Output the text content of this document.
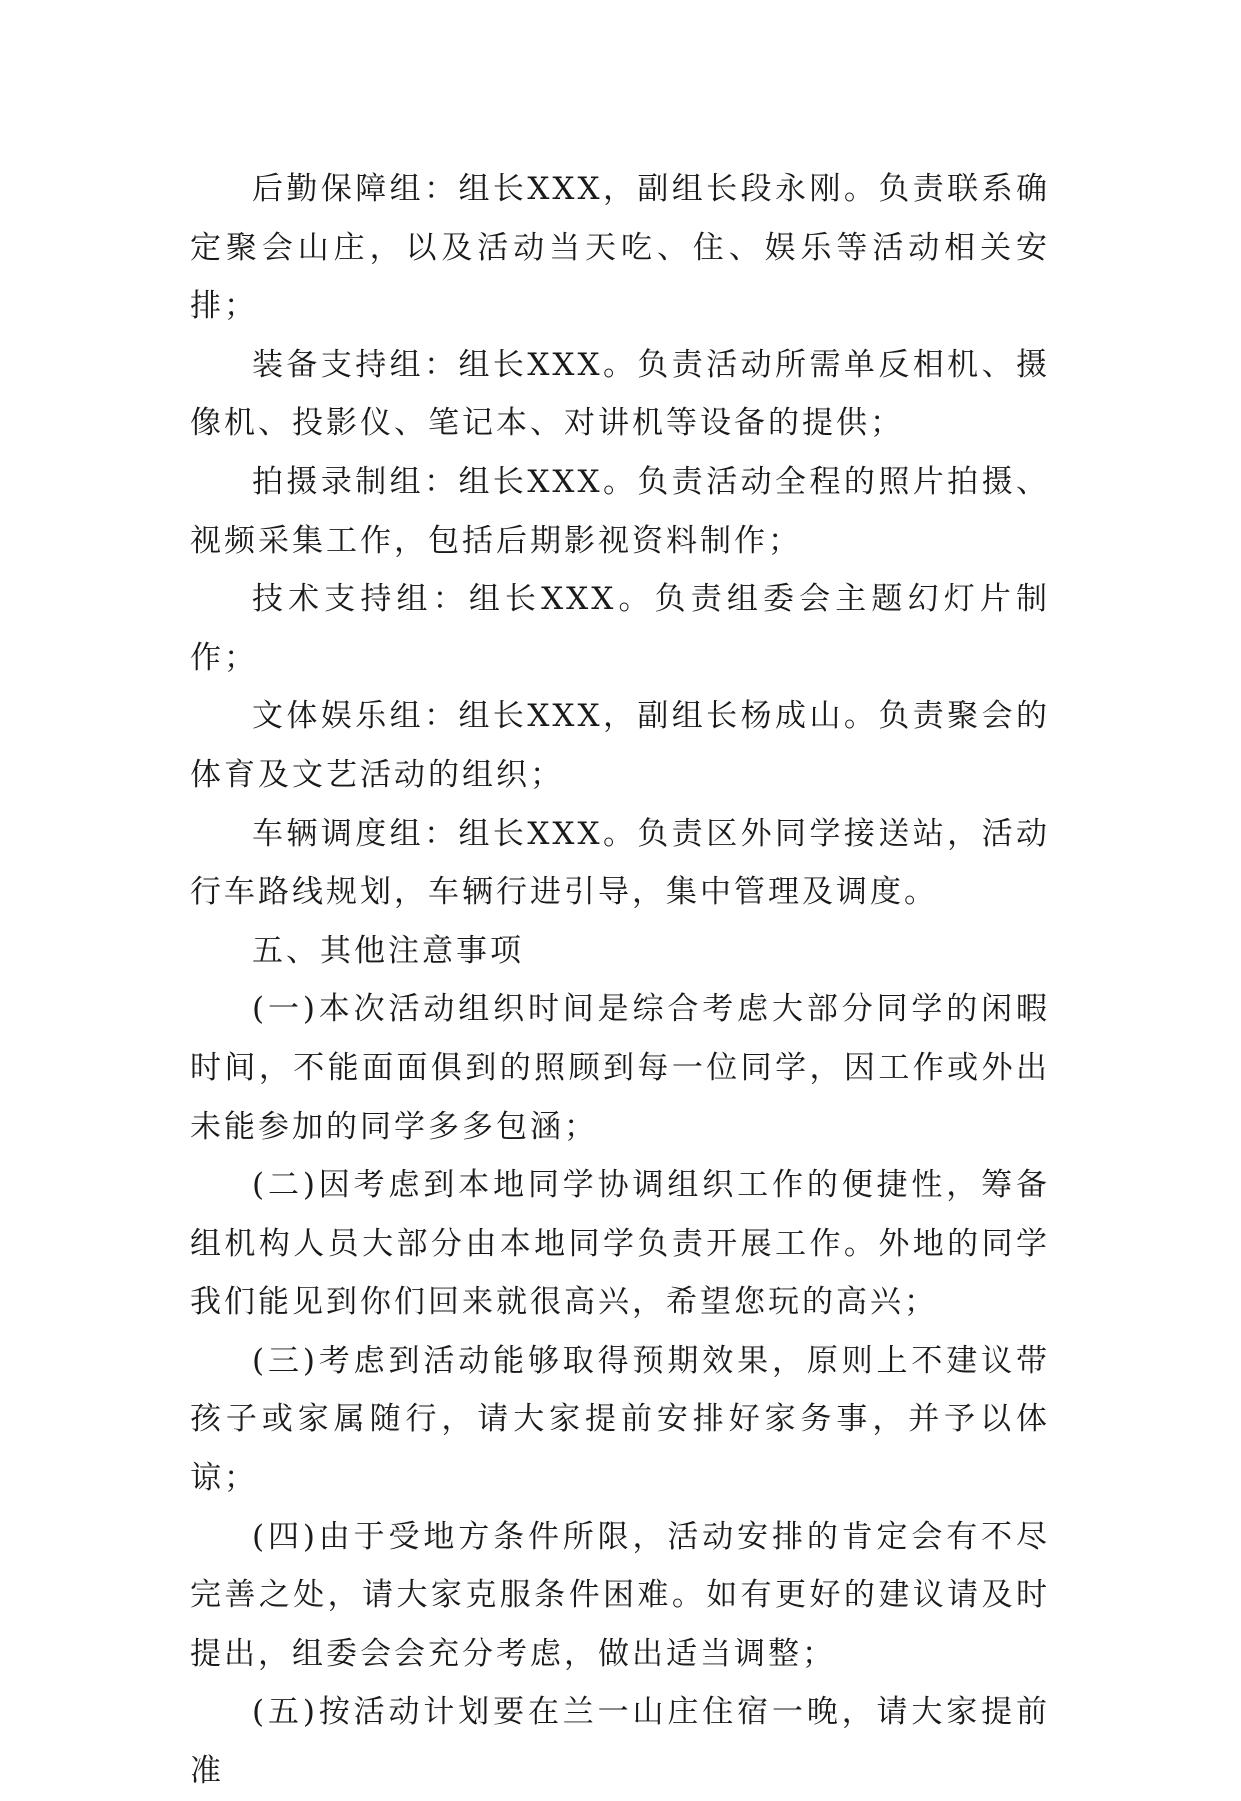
后勤保障组：组长XXX，副组长段永刚。负责联系确定聚会山庄，以及活动当天吃、住、娱乐等活动相关安排；

装备支持组：组长XXX。负责活动所需单反相机、摄像机、投影仪、笔记本、对讲机等设备的提供；

拍摄录制组：组长XXX。负责活动全程的照片拍摄、视频采集工作，包括后期影视资料制作；

技术支持组：组长XXX。负责组委会主题幻灯片制作；

文体娱乐组：组长XXX，副组长杨成山。负责聚会的体育及文艺活动的组织；

车辆调度组：组长XXX。负责区外同学接送站，活动行车路线规划，车辆行进引导，集中管理及调度。

五、其他注意事项

(一)本次活动组织时间是综合考虑大部分同学的闲暇时间，不能面面俱到的照顾到每一位同学，因工作或外出未能参加的同学多多包涵；

(二)因考虑到本地同学协调组织工作的便捷性，筹备组机构人员大部分由本地同学负责开展工作。外地的同学我们能见到你们回来就很高兴，希望您玩的高兴；

(三)考虑到活动能够取得预期效果，原则上不建议带孩子或家属随行，请大家提前安排好家务事，并予以体谅；

(四)由于受地方条件所限，活动安排的肯定会有不尽完善之处，请大家克服条件困难。如有更好的建议请及时提出，组委会会充分考虑，做出适当调整；

(五)按活动计划要在兰一山庄住宿一晚，请大家提前准
